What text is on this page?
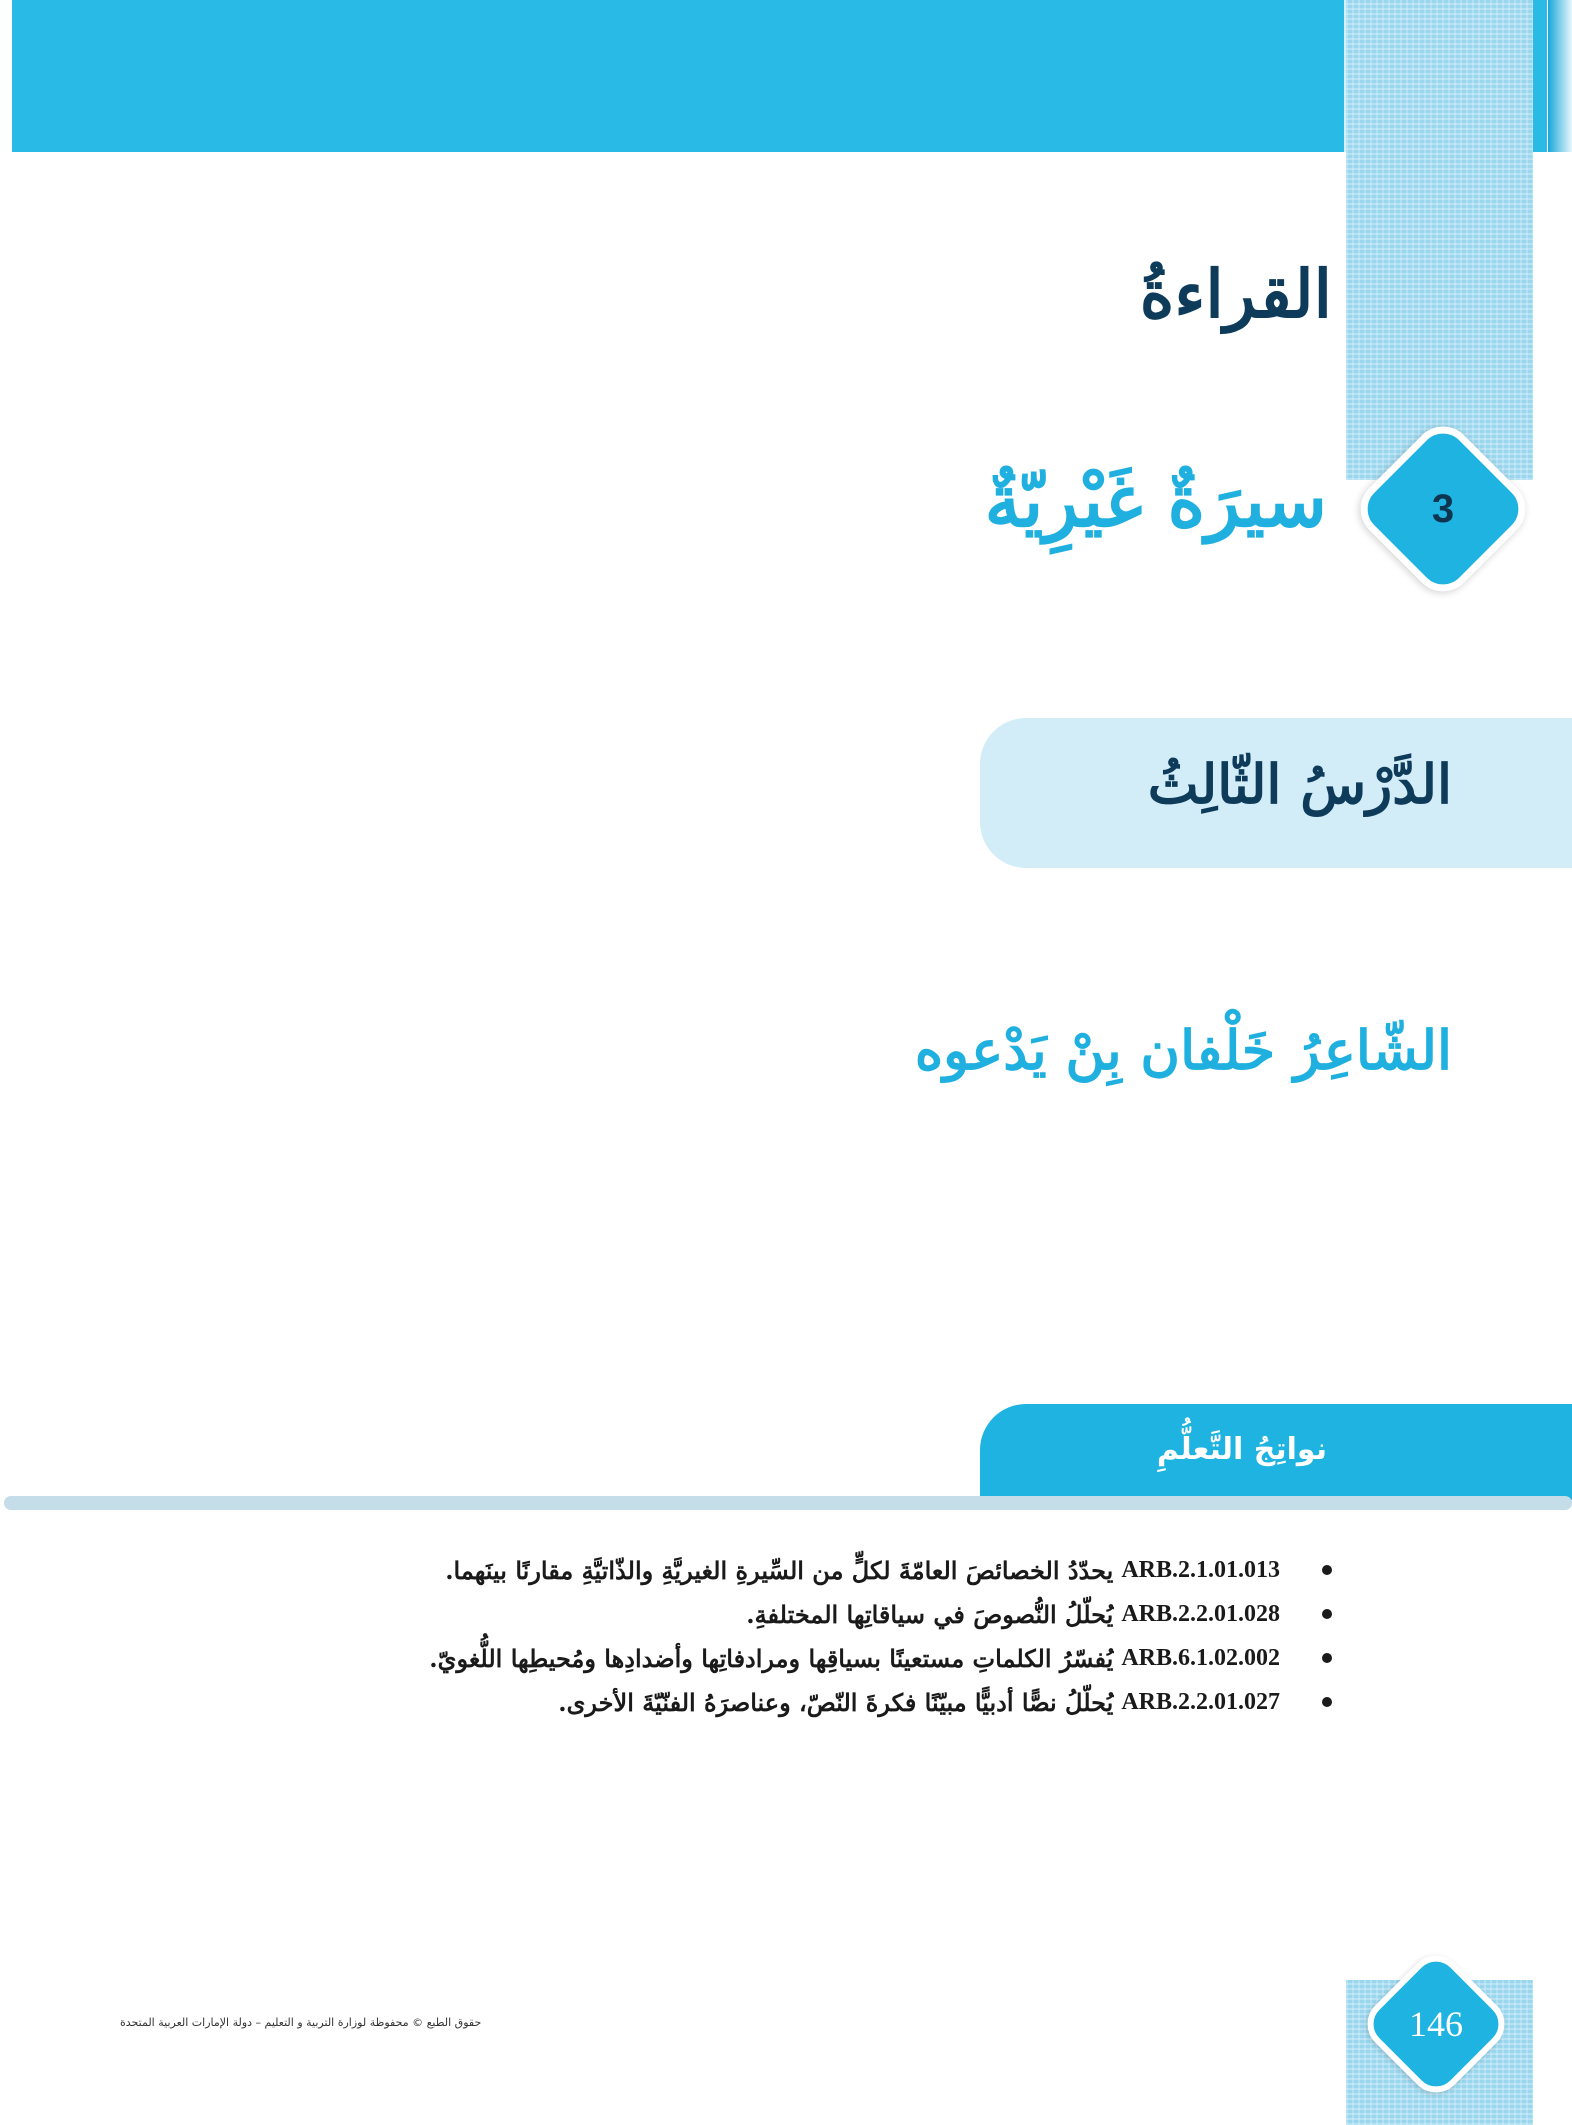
القراءةُ
3
سيرَةٌ غَيْرِيّةٌ
الدَّرْسُ الثّالِثُ
الشّاعِرُ خَلْفان بِنْ يَدْعوه
نواتِجُ التَّعلُّمِ
ARB.2.1.01.013
يحدّدُ الخصائصَ العامّةَ لكلٍّ من السِّيرةِ الغيريَّةِ والذّاتيَّةِ مقارنًا بينَهما.
ARB.2.2.01.028
يُحلّلُ النُّصوصَ في سياقاتِها المختلفةِ.
ARB.6.1.02.002
يُفسّرُ الكلماتِ مستعينًا بسياقِها ومرادفاتِها وأضدادِها ومُحيطِها اللُّغويّ.
ARB.2.2.01.027
يُحلّلُ نصًّا أدبيًّا مبيّنًا فكرةَ النّصّ، وعناصرَهُ الفنّيّةَ الأخرى.
146
حقوق الطبع © محفوظة لوزارة التربية و التعليم – دولة الإمارات العربية المتحدة
